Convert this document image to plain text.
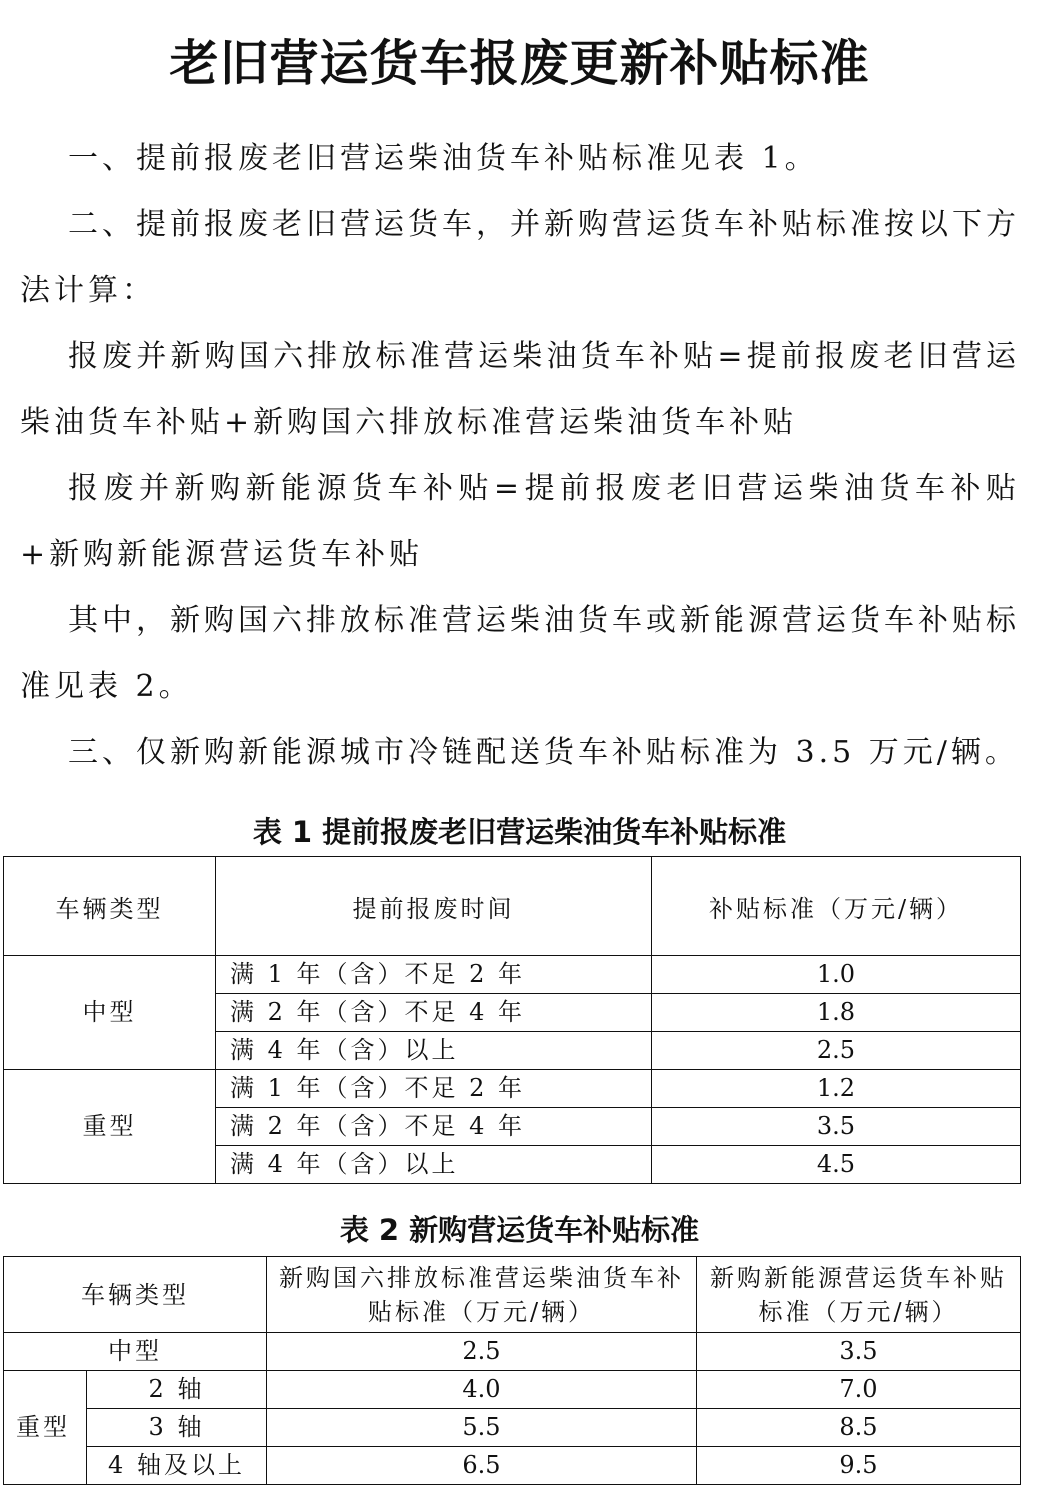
老旧营运货车报废更新补贴标准

一、提前报废老旧营运柴油货车补贴标准见表 1。

二、提前报废老旧营运货车，并新购营运货车补贴标准按以下方法计算：

报废并新购国六排放标准营运柴油货车补贴=提前报废老旧营运柴油货车补贴+新购国六排放标准营运柴油货车补贴

报废并新购新能源货车补贴=提前报废老旧营运柴油货车补贴+新购新能源营运货车补贴

其中，新购国六排放标准营运柴油货车或新能源营运货车补贴标准见表 2。

三、仅新购新能源城市冷链配送货车补贴标准为 3.5 万元/辆。

表 1 提前报废老旧营运柴油货车补贴标准
车辆类型	提前报废时间	补贴标准（万元/辆）
中型	满 1 年（含）不足 2 年	1.0
	满 2 年（含）不足 4 年	1.8
	满 4 年（含）以上	2.5
重型	满 1 年（含）不足 2 年	1.2
	满 2 年（含）不足 4 年	3.5
	满 4 年（含）以上	4.5
表 2 新购营运货车补贴标准
车辆类型		新购国六排放标准营运柴油货车补贴标准（万元/辆）	新购新能源营运货车补贴标准（万元/辆）
中型		2.5	3.5
重型	2 轴	4.0	7.0
	3 轴	5.5	8.5
	4 轴及以上	6.5	9.5
